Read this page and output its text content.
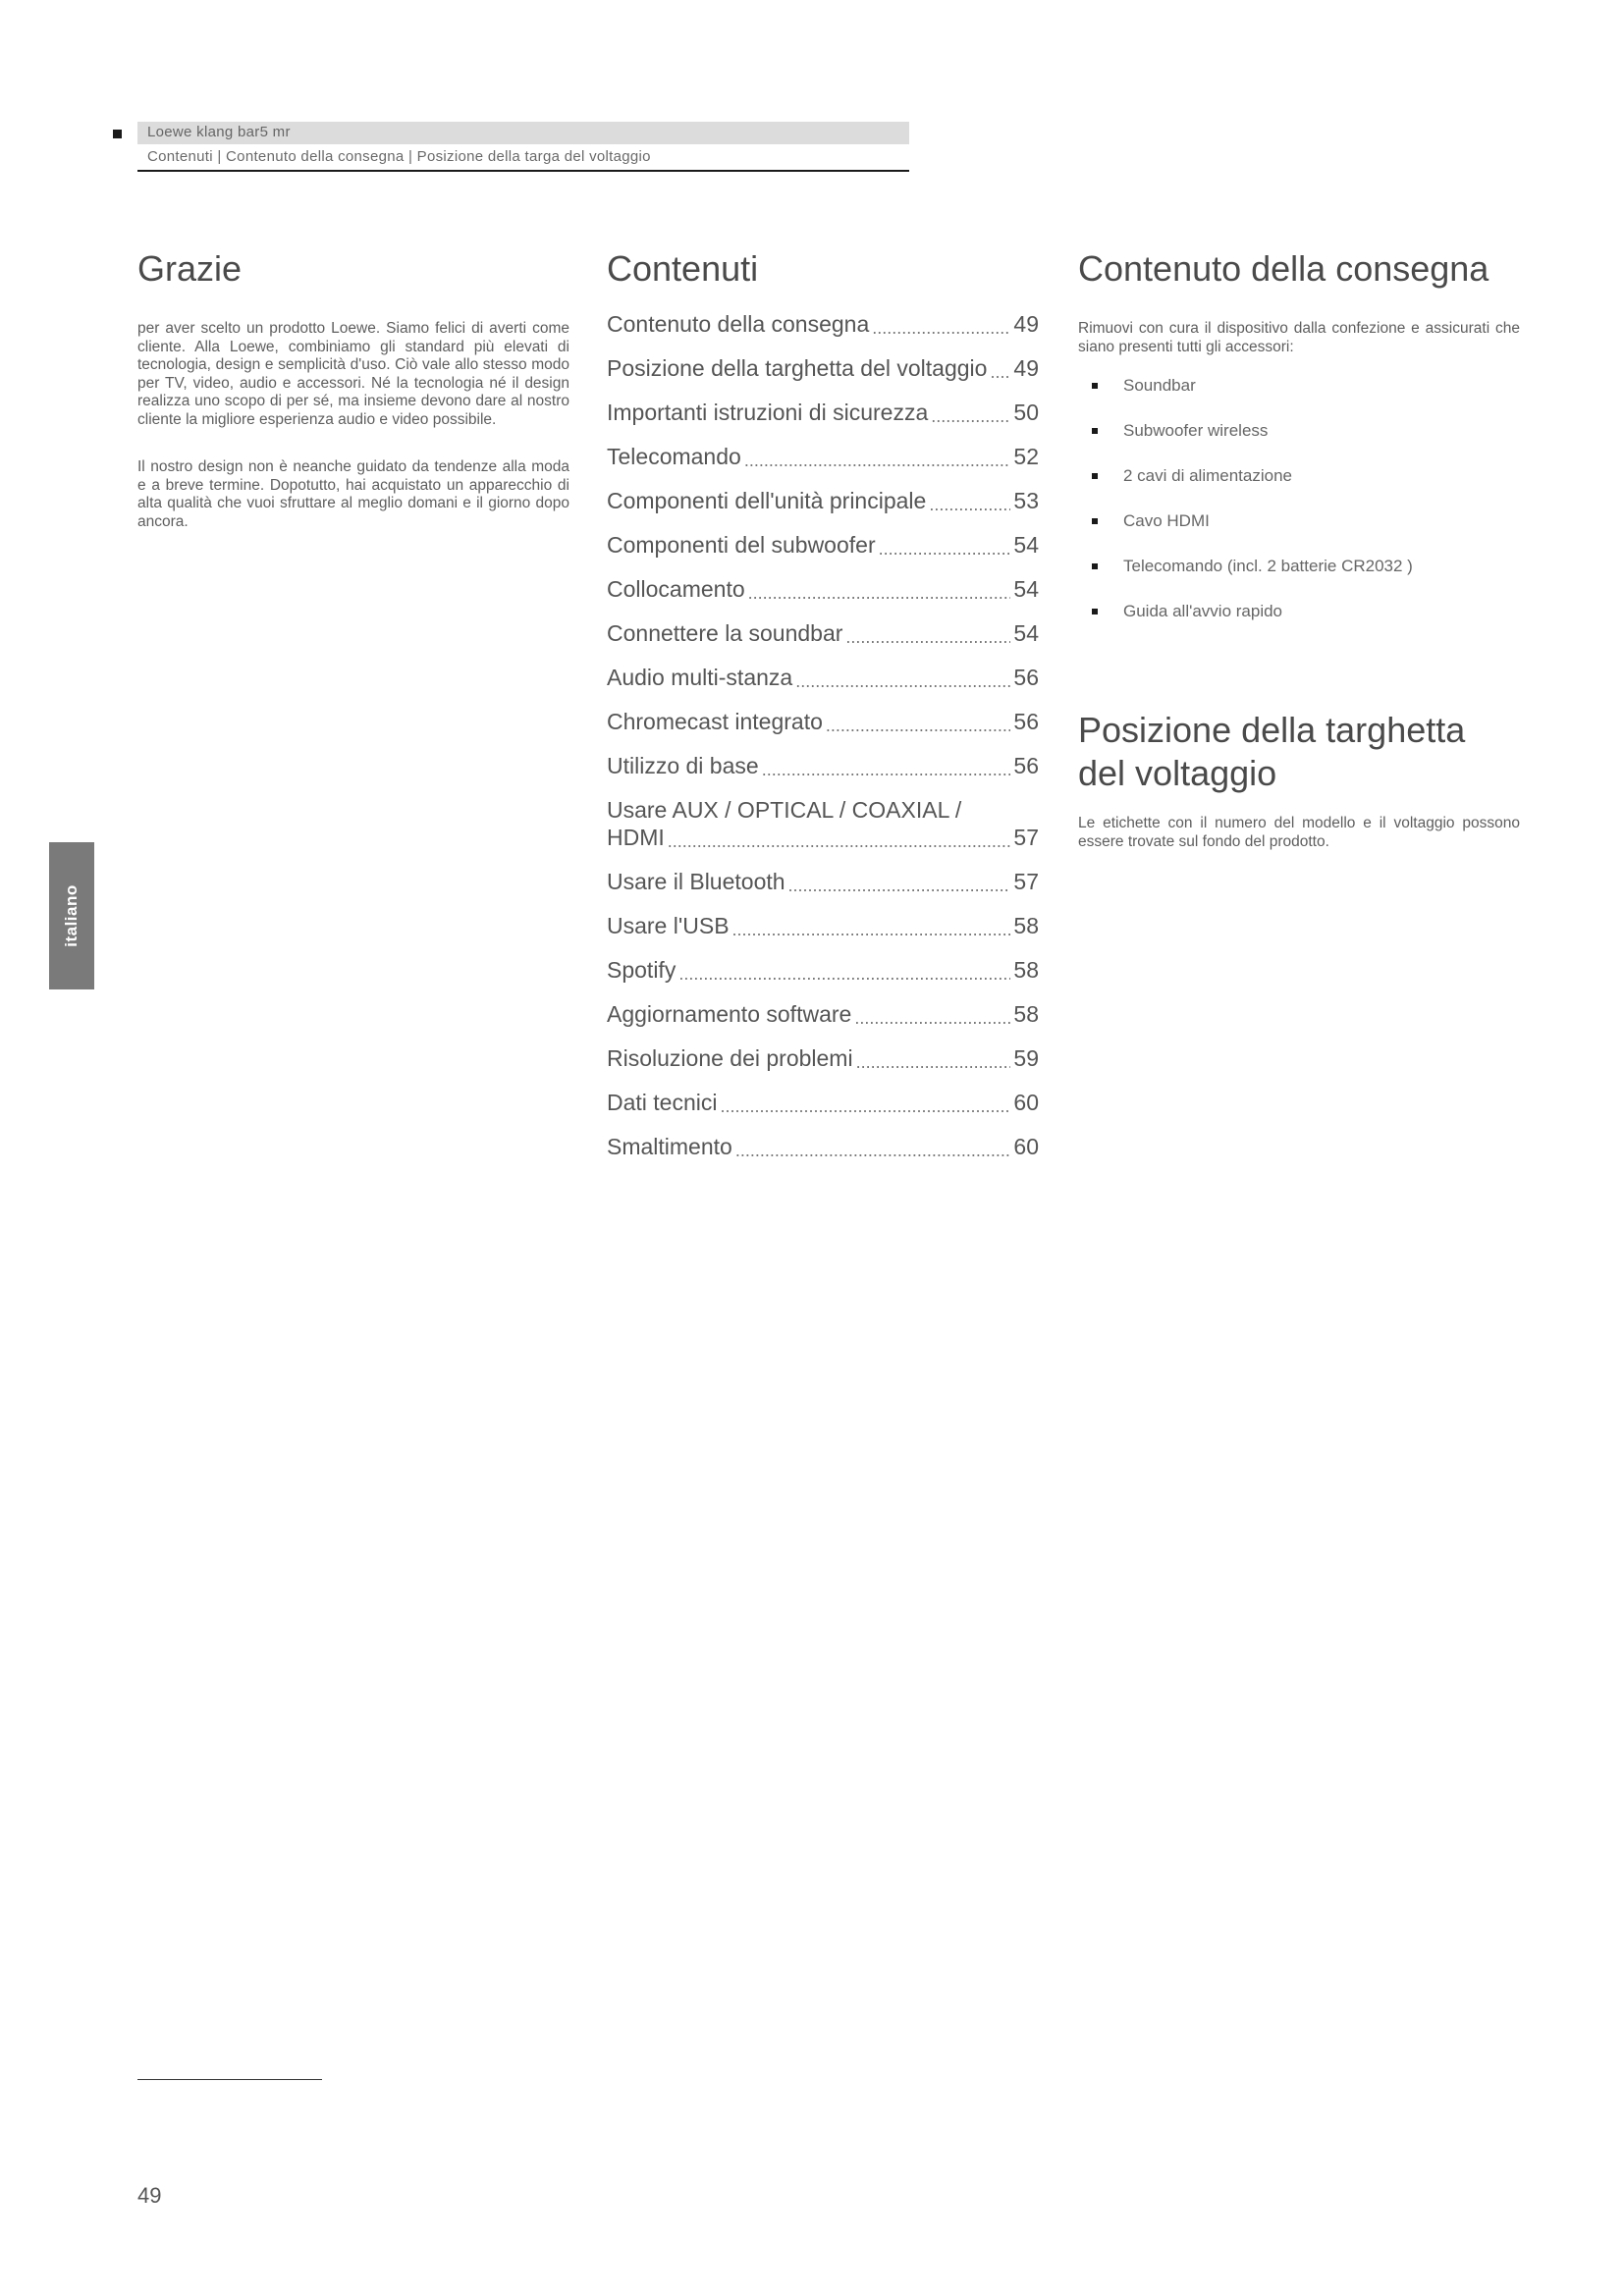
Loewe klang bar5 mr
Contenuti | Contenuto della consegna | Posizione della targa del voltaggio
italiano
Grazie

per aver scelto un prodotto Loewe. Siamo felici di averti come cliente. Alla Loewe, combiniamo gli standard più elevati di tecnologia, design e semplicità d'uso. Ciò vale allo stesso modo per TV, video, audio e accessori. Né la tecnologia né il design realizza uno scopo di per sé, ma insieme devono dare al nostro cliente la migliore esperienza audio e video possibile.

Il nostro design non è neanche guidato da tendenze alla moda e a breve termine. Dopotutto, hai acquistato un apparecchio di alta qualità che vuoi sfruttare al meglio domani e il giorno dopo ancora.

Contenuti
Contenuto della consegna .....	49
Posizione della targhetta del voltaggio ..... 49
Importanti istruzioni di sicurezza .....	50
Telecomando .....	52
Componenti dell'unità principale .....	53
Componenti del subwoofer .....	54
Collocamento .....	54
Connettere la soundbar .....	54
Audio multi-stanza .....	56
Chromecast integrato .....	56
Utilizzo di base .....	56
Usare AUX / OPTICAL / COAXIAL /
HDMI .....	57
Usare il Bluetooth .....	57
Usare l'USB .....	58
Spotify .....	58
Aggiornamento software .....	58
Risoluzione dei problemi .....	59
Dati tecnici .....	60
Smaltimento .....	60
Contenuto della consegna

Rimuovi con cura il dispositivo dalla confezione e assicurati che siano presenti tutti gli accessori:

Soundbar
Subwoofer wireless
2 cavi di alimentazione
Cavo HDMI
Telecomando (incl. 2 batterie CR2032 )
Guida all'avvio rapido
Posizione della targhetta del voltaggio

Le etichette con il numero del modello e il voltaggio possono essere trovate sul fondo del prodotto.

49
